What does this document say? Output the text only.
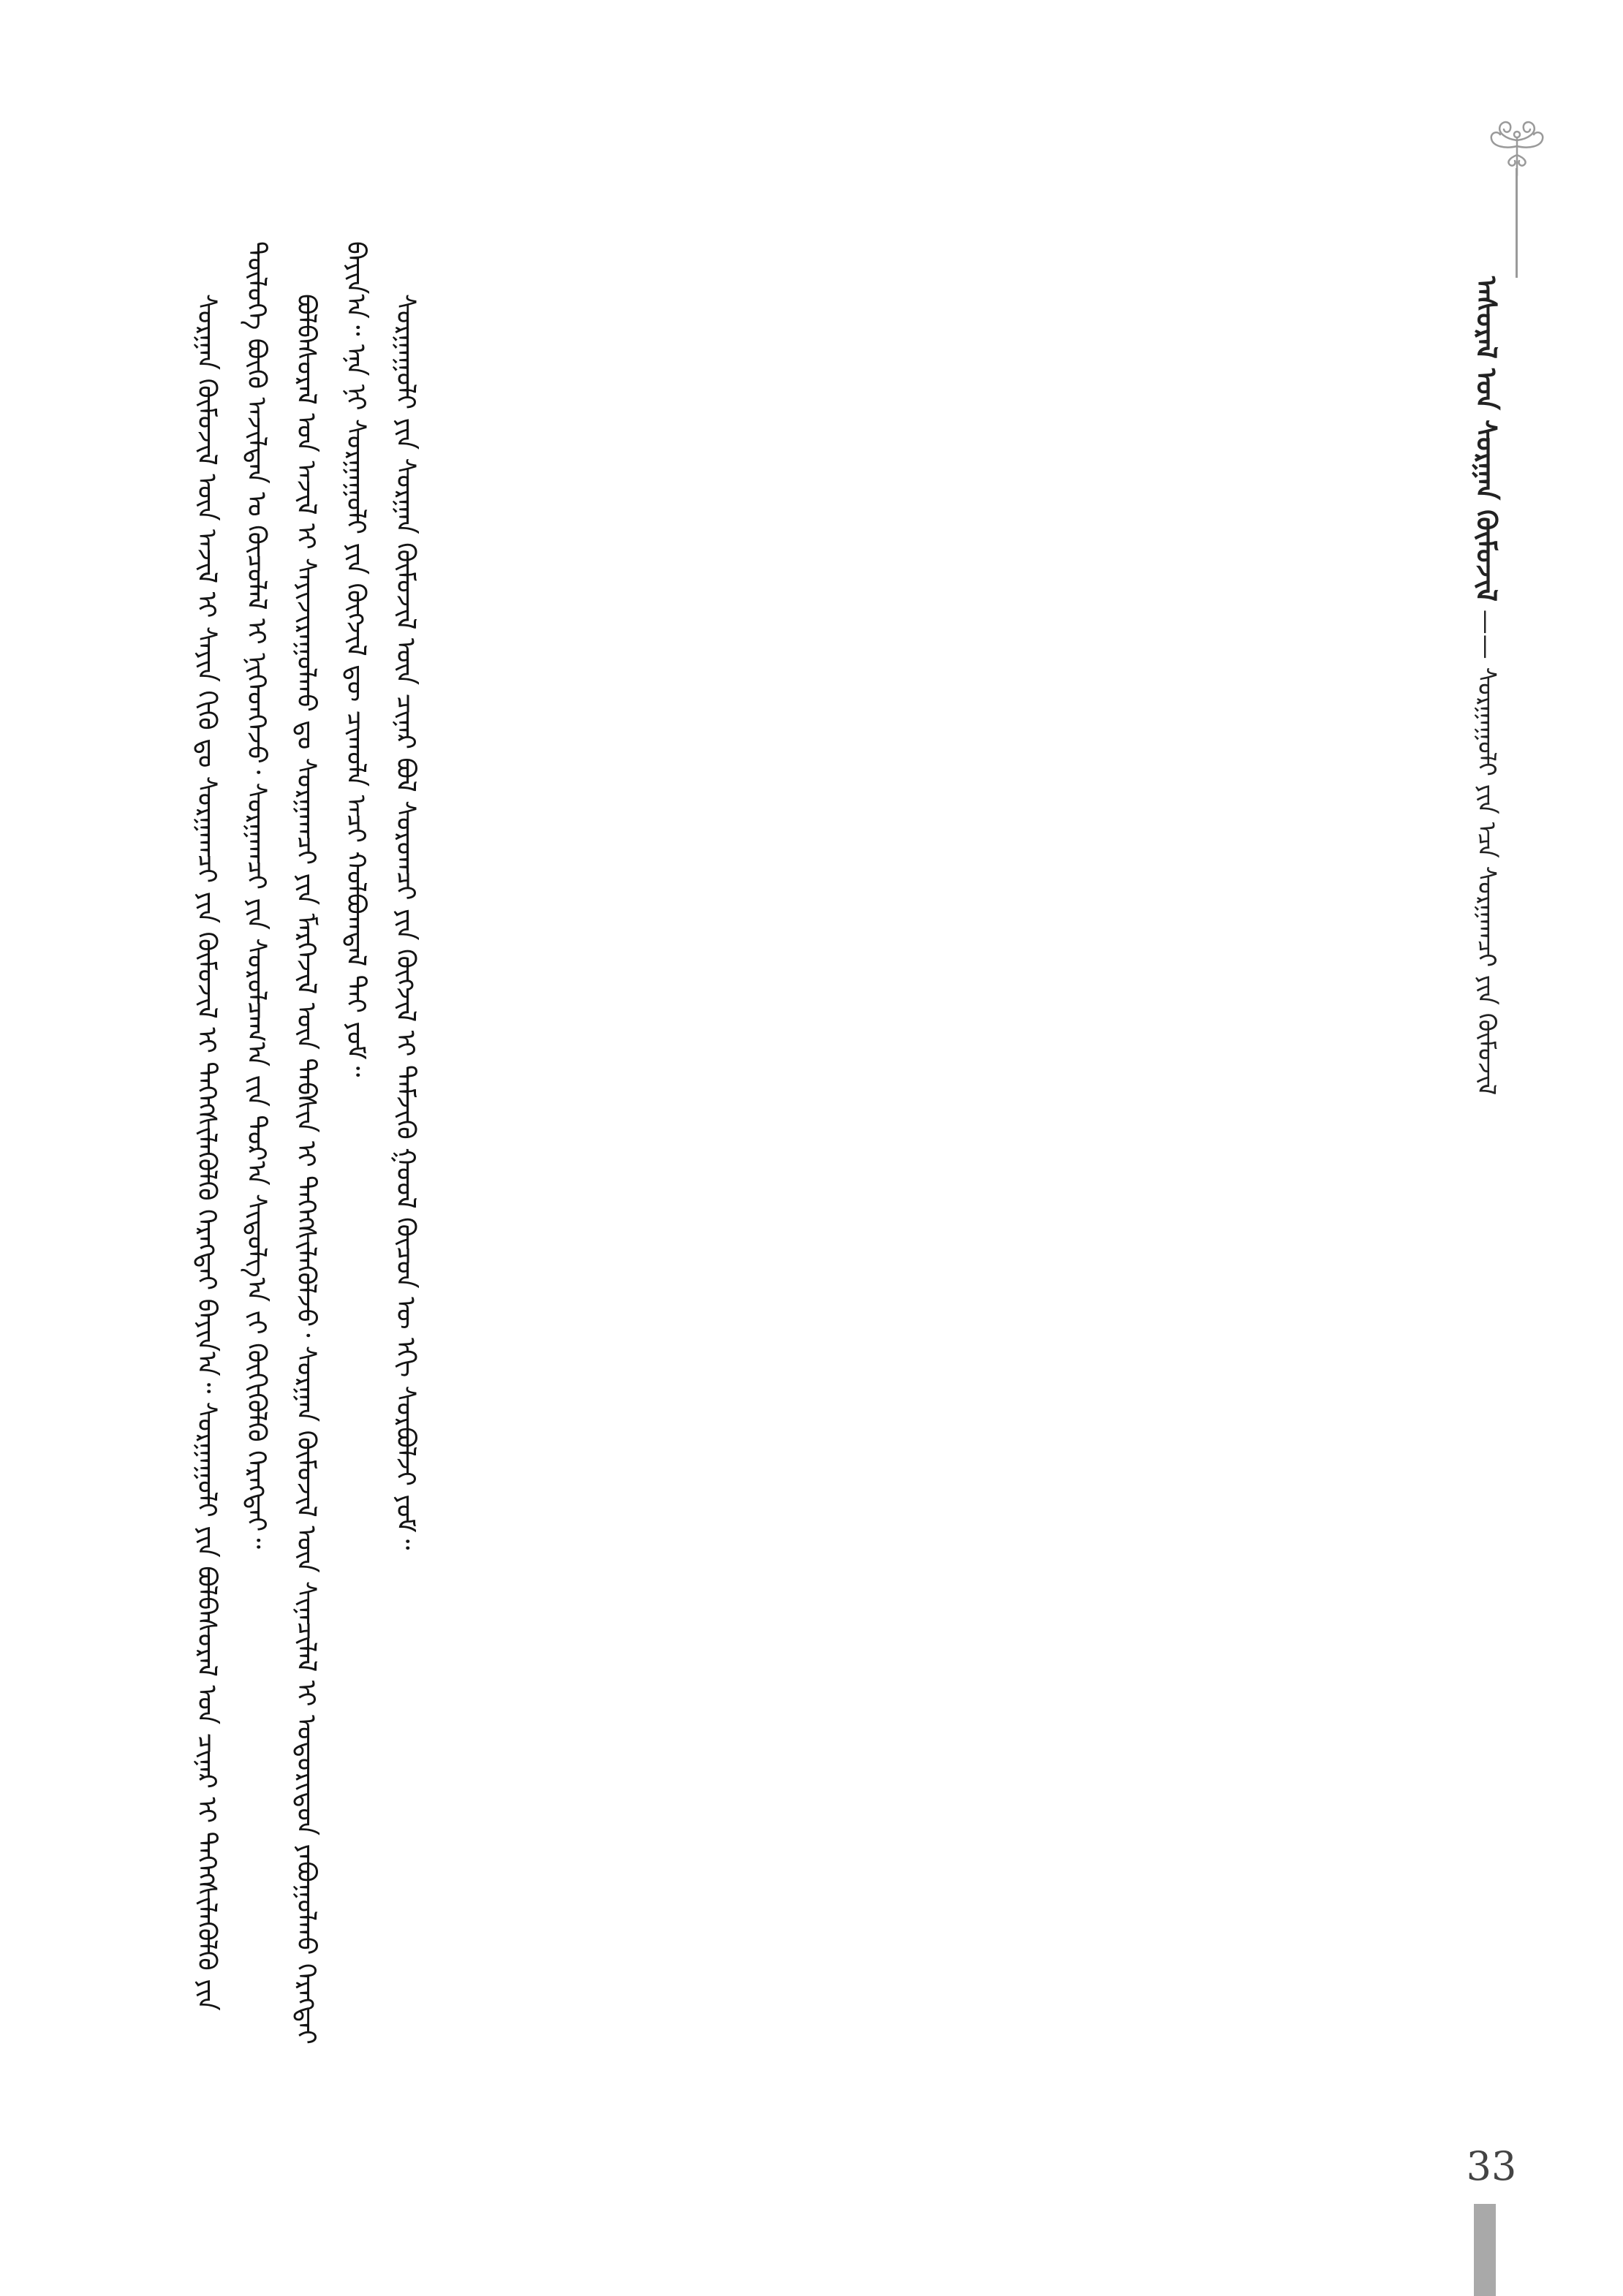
ᠠᠰᠤᠷᠠᠯ ᠤᠨ ᠰᠤᠷᠭᠠᠨ ᠬᠦᠮᠦᠵᠢᠯ —— ᠰᠤᠷᠭᠠᠭᠤᠯᠢ ᠶᠢᠨ ᠡᠴᠡ ᠰᠤᠷᠭᠠᠭᠴᠢ ᠶᠢᠨ ᠬᠦᠮᠦᠵᠢᠯ

ᠰᠤᠷᠭᠠᠨ ᠬᠦᠮᠦᠵᠢᠯ ᠦᠨ ᠠᠵᠢᠯ ᠢ ᠰᠠᠶᠢᠨ ᠬᠢᠬᠦ ᠳᠤ ᠰᠤᠷᠭᠠᠭᠴᠢ ᠶᠢᠨ ᠬᠦᠮᠦᠵᠢᠯ ᠢ ᠳᠡᠭᠡᠭᠰᠢᠯᠡᠭᠦᠯᠬᠦ ᠬᠡᠷᠡᠭᠲᠡᠢ ᠪᠠᠶᠢᠨ᠎ᠠ᠃ ᠰᠤᠷᠭᠠᠭᠤᠯᠢ ᠶᠢᠨ ᠪᠤᠯᠪᠠᠰᠤᠷᠠᠯ ᠤᠨ ᠴᠢᠨᠠᠷ ᠢ ᠳᠡᠭᠡᠭᠰᠢᠯᠡᠭᠦᠯᠬᠦ ᠶᠢᠨ ᠲᠥᠯᠥᠭᠡ ᠪᠦᠬᠦ ᠠᠵᠢᠯᠲᠠᠨ ᠤ ᠬᠦᠴᠦᠯᠡᠯ ᠢ ᠨᠢᠭᠡᠳᠬᠡᠵᠦ᠂ ᠰᠤᠷᠭᠠᠭᠴᠢ ᠶᠢᠨ ᠰᠤᠷᠤᠯᠴᠠᠭ᠎ᠠ ᠵᠢᠨ ᠳᠤᠷ᠎ᠠ ᠰᠢᠳᠤᠯᠭ᠎ᠠ ᠵᠢ ᠬᠥᠬᠢᠭᠦᠯᠬᠦ ᠬᠡᠷᠡᠭᠲᠡᠢ᠃ ᠪᠤᠯᠪᠠᠰᠤᠷᠠᠯ ᠤᠨ ᠠᠵᠢᠯ ᠢ ᠰᠠᠶᠢᠵᠢᠷᠠᠭᠤᠯᠬᠤ ᠳᠤ ᠰᠤᠷᠭᠠᠭᠴᠢ ᠶᠢᠨ ᠮᠡᠷᠭᠡᠵᠢᠯ ᠦᠨ ᠲᠡᠪᠰᠢᠨ ᠢ ᠳᠡᠭᠡᠭᠰᠢᠯᠡᠭᠦᠯᠵᠦ᠂ ᠰᠤᠷᠭᠠᠨ ᠬᠦᠮᠦᠵᠢᠯ ᠦᠨ ᠰᠢᠨᠡᠴᠢᠯᠡᠯ ᠢ ᠤᠳᠤᠷᠢᠳᠤᠨ ᠶᠠᠪᠤᠭᠤᠯᠬᠤ ᠬᠡᠷᠡᠭᠲᠡᠢ ᠪᠠᠶᠢᠨ᠎ᠠ᠃ ᠡᠨᠡ ᠨᠢ ᠰᠤᠷᠭᠠᠭᠤᠯᠢ ᠶᠢᠨ ᠬᠥᠭᠵᠢᠯ ᠳᠦ ᠴᠢᠬᠤᠯᠠ ᠠᠴᠢ ᠬᠣᠯᠪᠣᠭᠳᠠᠯ ᠲᠠᠶ ᠶᠤᠮ᠃ ᠰᠤᠷᠭᠠᠭᠤᠯᠢ ᠶᠢᠨ ᠰᠤᠷᠭᠠᠨ ᠬᠦᠮᠦᠵᠢᠯ ᠦᠨ ᠴᠢᠨᠠᠷ ᠪᠤᠯ ᠰᠤᠷᠤᠭᠴᠢ ᠶᠢᠨ ᠬᠥᠭᠵᠢᠯ ᠢ ᠳᠡᠮᠵᠢᠬᠦ ᠭᠣᠤᠯ ᠬᠦᠴᠦᠨ ᠦ ᠡᠬᠢ ᠰᠤᠷᠪᠤᠯᠵᠢ ᠶᠤᠮ᠃

33
